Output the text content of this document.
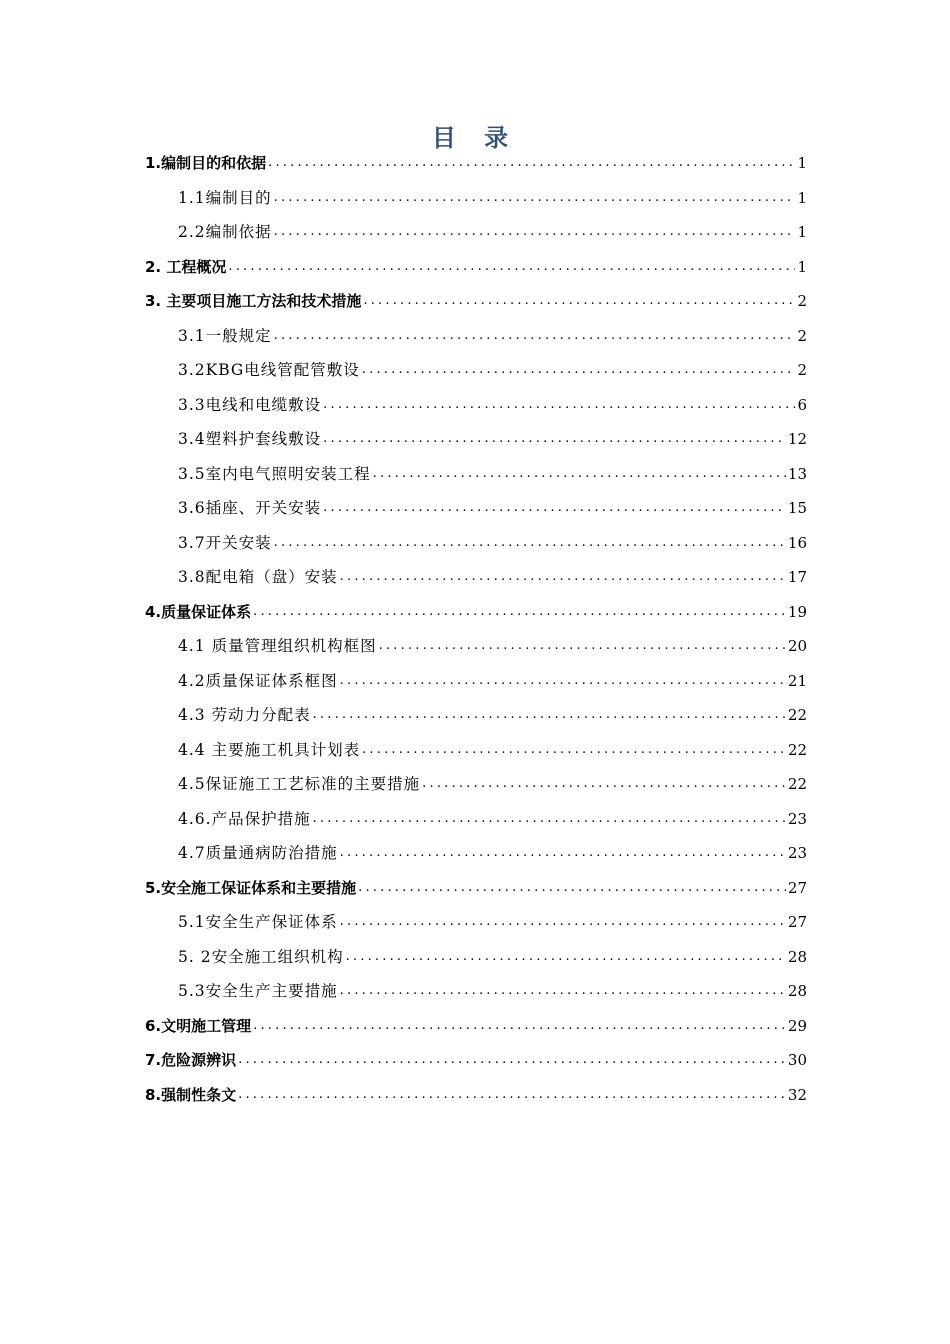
目 录
1.编制目的和依据 .....	1
1.1编制目的 .....	1
2.2编制依据 .....	1
2. 工程概况 .....	1
3. 主要项目施工方法和技术措施 .....	2
3.1一般规定 .....	2
3.2KBG电线管配管敷设 .....	2
3.3电线和电缆敷设 .....	6
3.4塑料护套线敷设 .....	12
3.5室内电气照明安装工程 .....	13
3.6插座、开关安装 .....	15
3.7开关安装 .....	16
3.8配电箱（盘）安装 .....	17
4.质量保证体系 .....	19
4.1 质量管理组织机构框图 .....	20
4.2质量保证体系框图 .....	21
4.3 劳动力分配表 .....	22
4.4 主要施工机具计划表 .....	22
4.5保证施工工艺标准的主要措施 .....	22
4.6.产品保护措施 .....	23
4.7质量通病防治措施 .....	23
5.安全施工保证体系和主要措施 .....	27
5.1安全生产保证体系 .....	27
5. 2安全施工组织机构 .....	28
5.3安全生产主要措施 .....	28
6.文明施工管理 .....	29
7.危险源辨识 .....	30
8.强制性条文 .....	32
